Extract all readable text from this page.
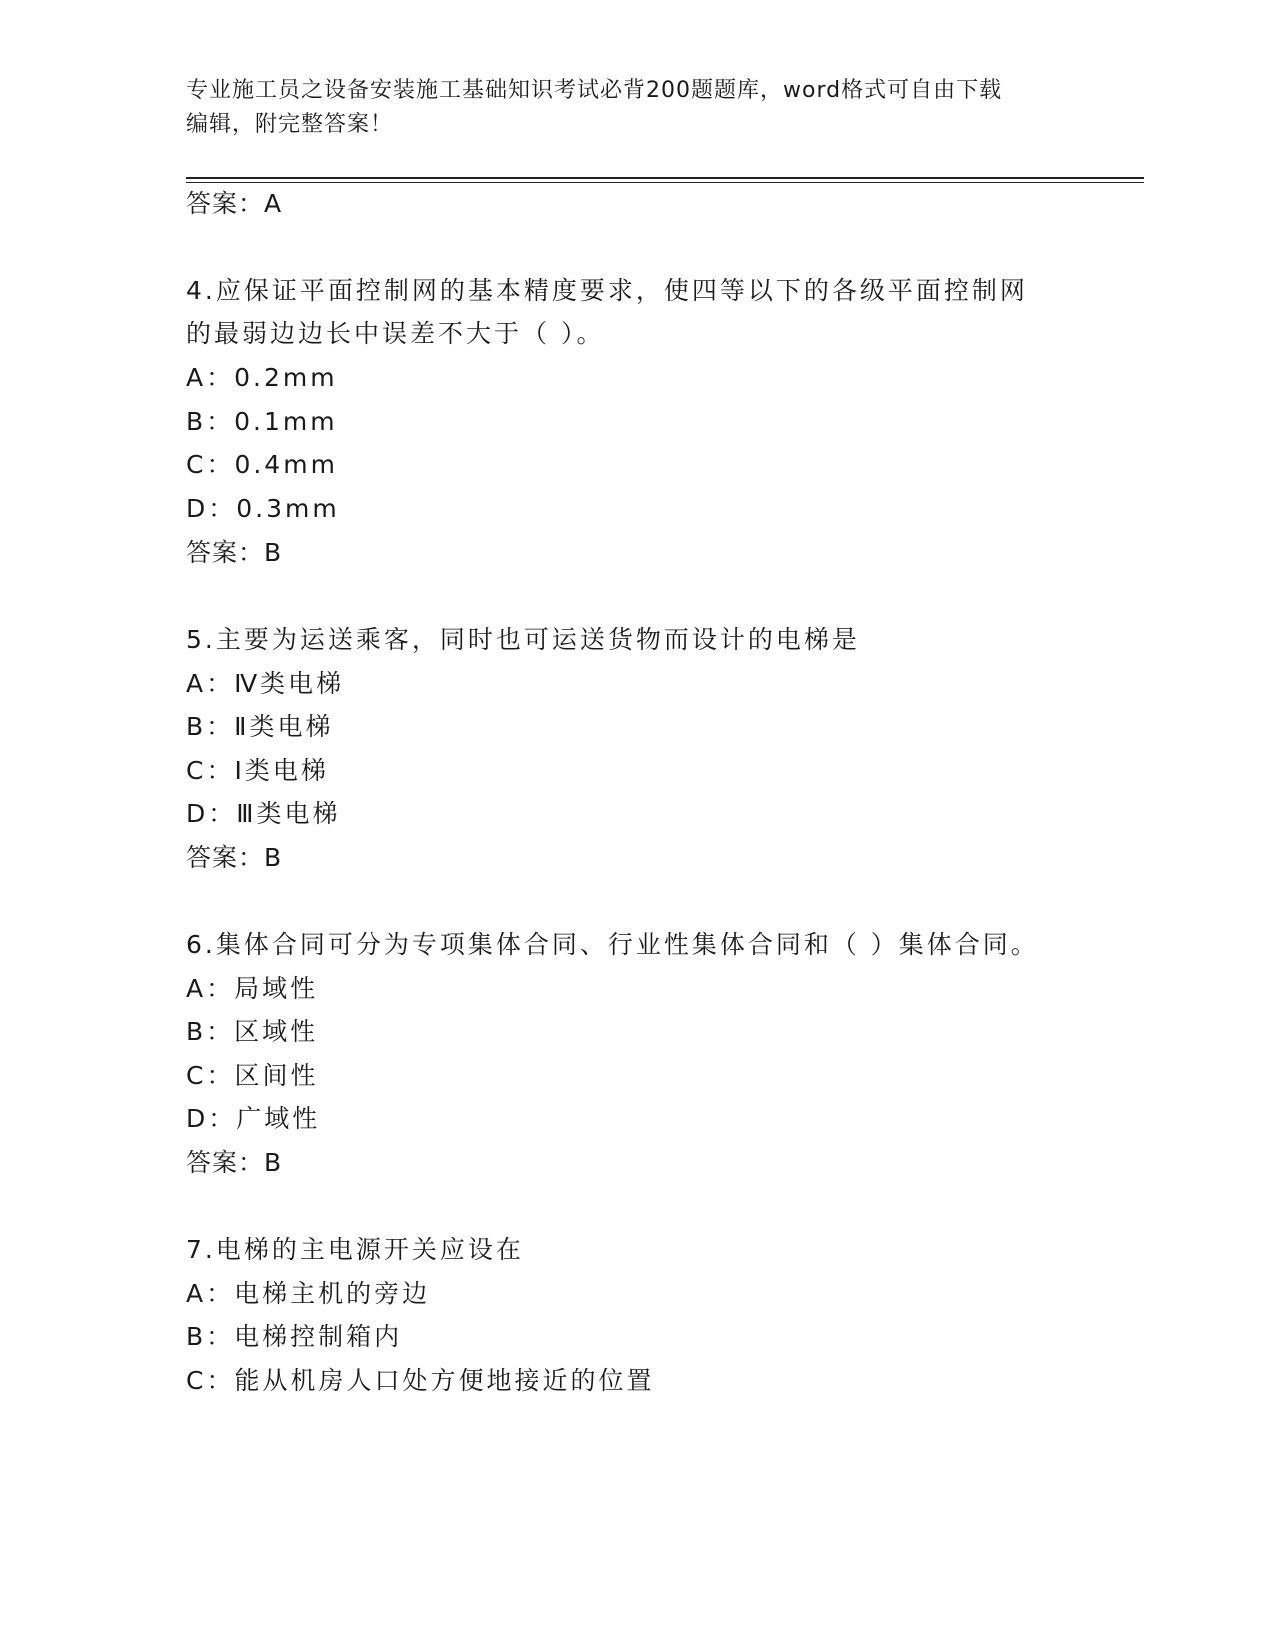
专业施工员之设备安装施工基础知识考试必背200题题库，word格式可自由下载
编辑，附完整答案！
答案：A
4.应保证平面控制网的基本精度要求，使四等以下的各级平面控制网
的最弱边边长中误差不大于（ ）。
A：0.2mm
B：0.1mm
C：0.4mm
D：0.3mm
答案：B
5.主要为运送乘客，同时也可运送货物而设计的电梯是
A：Ⅳ类电梯
B：Ⅱ类电梯
C：Ⅰ类电梯
D：Ⅲ类电梯
答案：B
6.集体合同可分为专项集体合同、行业性集体合同和（ ）集体合同。
A：局域性
B：区域性
C：区间性
D：广域性
答案：B
7.电梯的主电源开关应设在
A：电梯主机的旁边
B：电梯控制箱内
C：能从机房人口处方便地接近的位置
